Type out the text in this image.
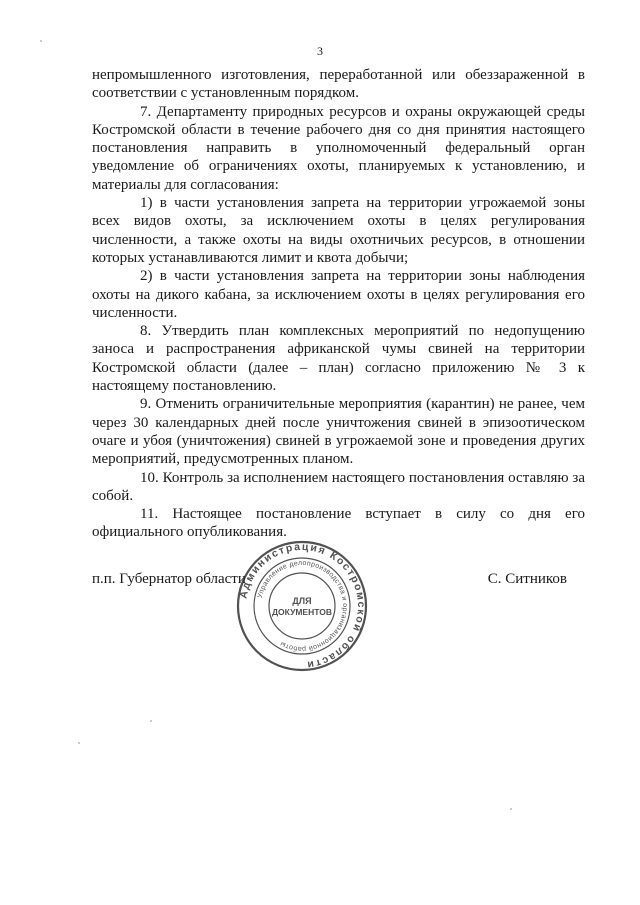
3

непромышленного изготовления, переработанной или обеззараженной в соответствии с установленным порядком.

7. Департаменту природных ресурсов и охраны окружающей среды Костромской области в течение рабочего дня со дня принятия настоящего постановления направить в уполномоченный федеральный орган уведомление об ограничениях охоты, планируемых к установлению, и материалы для согласования:

1) в части установления запрета на территории угрожаемой зоны всех видов охоты, за исключением охоты в целях регулирования численности, а также охоты на виды охотничьих ресурсов, в отношении которых устанавливаются лимит и квота добычи;

2) в части установления запрета на территории зоны наблюдения охоты на дикого кабана, за исключением охоты в целях регулирования его численности.

8. Утвердить план комплексных мероприятий по недопущению заноса и распространения африканской чумы свиней на территории Костромской области (далее – план) согласно приложению № 3 к настоящему постановлению.

9. Отменить ограничительные мероприятия (карантин) не ранее, чем через 30 календарных дней после уничтожения свиней в эпизоотическом очаге и убоя (уничтожения) свиней в угрожаемой зоне и проведения других мероприятий, предусмотренных планом.

10. Контроль за исполнением настоящего постановления оставляю за собой.

11. Настоящее постановление вступает в силу со дня его официального опубликования.

п.п. Губернатор области	С. Ситников
Администрация Костромской области
Управление делопроизводства и организационной работы
ДЛЯ
ДОКУМЕНТОВ
